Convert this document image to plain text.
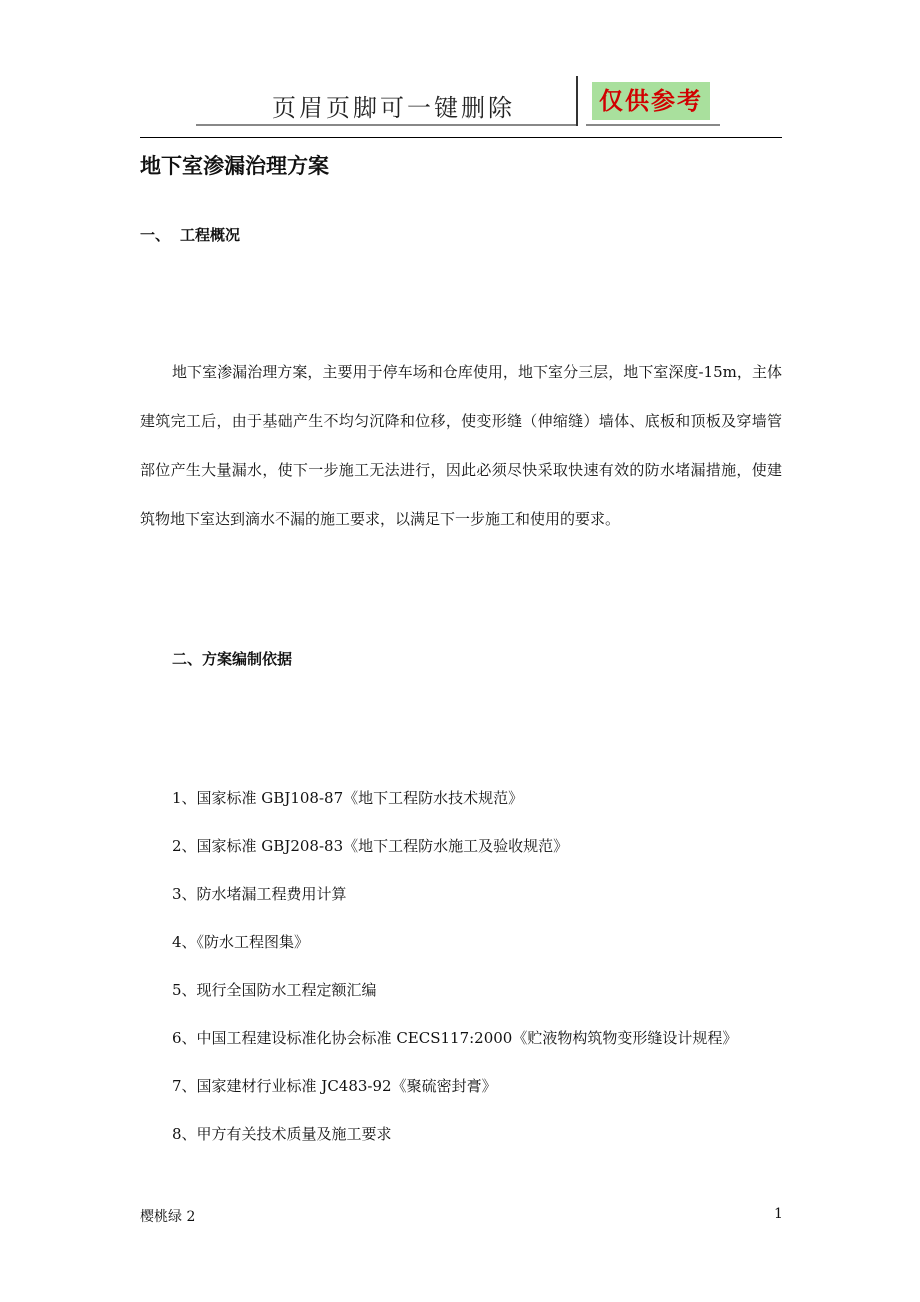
页眉页脚可一键删除	仅供参考
地下室渗漏治理方案
一、 工程概况

地下室渗漏治理方案，主要用于停车场和仓库使用，地下室分三层，地下室深度-15m，主体建筑完工后，由于基础产生不均匀沉降和位移，使变形缝（伸缩缝）墙体、底板和顶板及穿墙管部位产生大量漏水，使下一步施工无法进行，因此必须尽快采取快速有效的防水堵漏措施，使建筑物地下室达到滴水不漏的施工要求，以满足下一步施工和使用的要求。

二、方案编制依据
1、国家标准 GBJ108-87《地下工程防水技术规范》
2、国家标准 GBJ208-83《地下工程防水施工及验收规范》
3、防水堵漏工程费用计算
4、《防水工程图集》
5、现行全国防水工程定额汇编
6、中国工程建设标准化协会标准 CECS117:2000《贮液物构筑物变形缝设计规程》
7、国家建材行业标准 JC483-92《聚硫密封膏》
8、甲方有关技术质量及施工要求
樱桃绿 2	1
